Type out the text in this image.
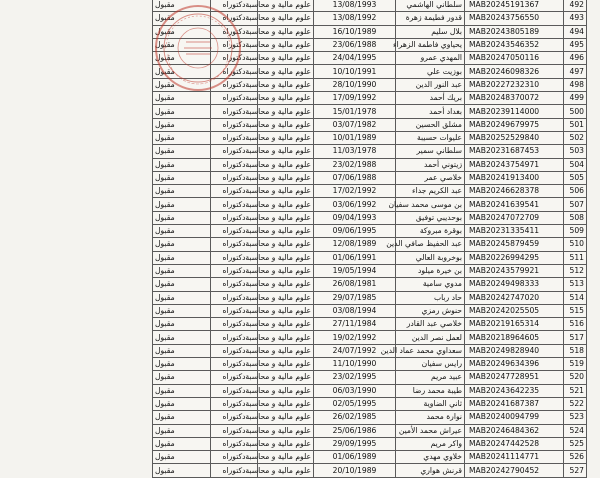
مقبول	دكتوراه	علوم مالية و محاسبة	13/08/1993	سلطاني الهاشمي	MAB20245191367	492
مقبول	دكتوراه	علوم مالية و محاسبة	13/08/1992	قدور فطيمة زهرة	MAB20243756550	493
مقبول	دكتوراه	علوم مالية و محاسبة	16/10/1989	بلال سليم	MAB20243805189	494
مقبول	دكتوراه	علوم مالية و محاسبة	23/06/1988	يحياوي فاطمة الزهراء	MAB20243546352	495
مقبول	دكتوراه	علوم مالية و محاسبة	24/04/1995	المهدي عمرو	MAB20247050116	496
مقبول	دكتوراه	علوم مالية و محاسبة	10/10/1991	بوزيت علي	MAB20246098326	497
مقبول	دكتوراه	علوم مالية و محاسبة	28/10/1990	عبد النور الدين	MAB20227232310	498
مقبول	دكتوراه	علوم مالية و محاسبة	17/09/1992	بريك أحمد	MAB20248370072	499
مقبول	دكتوراه	علوم مالية و محاسبة	15/01/1978	بغداد أحمد	MAB20239114000	500
مقبول	دكتوراه	علوم مالية و محاسبة	03/07/1982	مشلق الحسين	MAB20249679975	501
مقبول	دكتوراه	علوم مالية و محاسبة	10/01/1989	عليوات حسيبة	MAB20252529840	502
مقبول	دكتوراه	علوم مالية و محاسبة	11/03/1978	سلطاني سمير	MAB20231687453	503
مقبول	دكتوراه	علوم مالية و محاسبة	23/02/1988	زيتوني أحمد	MAB20243754971	504
مقبول	دكتوراه	علوم مالية و محاسبة	07/06/1988	خلاصي عمر	MAB20241913400	505
مقبول	دكتوراه	علوم مالية و محاسبة	17/02/1992	عبد الكريم جداء	MAB20246628378	506
مقبول	دكتوراه	علوم مالية و محاسبة	03/06/1992	بن موسى محمد سفيان	MAB20241639541	507
مقبول	دكتوراه	علوم مالية و محاسبة	09/04/1993	بوحديبي توفيق	MAB20247072709	508
مقبول	دكتوراه	علوم مالية و محاسبة	09/06/1995	بوقرة مبروكة	MAB20231335411	509
مقبول	دكتوراه	علوم مالية و محاسبة	12/08/1989	عبد الحفيظ صافي الدين	MAB20245879459	510
مقبول	دكتوراه	علوم مالية و محاسبة	01/06/1991	بوخروبة العالي	MAB20226994295	511
مقبول	دكتوراه	علوم مالية و محاسبة	19/05/1994	بن خيرة ميلود	MAB20243579921	512
مقبول	دكتوراه	علوم مالية و محاسبة	26/08/1981	مدوي سامية	MAB20249498333	513
مقبول	دكتوراه	علوم مالية و محاسبة	29/07/1985	حاد رباب	MAB20242747020	514
مقبول	دكتوراه	علوم مالية و محاسبة	03/08/1994	حنوش رمزي	MAB20242025505	515
مقبول	دكتوراه	علوم مالية و محاسبة	27/11/1984	خلاصي عبد القادر	MAB20219165314	516
مقبول	دكتوراه	علوم مالية و محاسبة	19/02/1992	لعمل نصر الدين	MAB20218964605	517
مقبول	دكتوراه	علوم مالية و محاسبة	24/07/1992	سعداوي محمد عماد الدين	MAB20249828940	518
مقبول	دكتوراه	علوم مالية و محاسبة	11/10/1990	رايس سفيان	MAB20249634396	519
مقبول	دكتوراه	علوم مالية و محاسبة	23/02/1995	عبيد مريم	MAB20247728951	520
مقبول	دكتوراه	علوم مالية و محاسبة	06/03/1990	طيبة محمد رضا	MAB20243642235	521
مقبول	دكتوراه	علوم مالية و محاسبة	02/05/1995	ثاني الضاوية	MAB20241687387	522
مقبول	دكتوراه	علوم مالية و محاسبة	26/02/1985	نوارة محمد	MAB20240094799	523
مقبول	دكتوراه	علوم مالية و محاسبة	25/06/1986	عيراش محمد الأمين	MAB20246484362	524
مقبول	دكتوراه	علوم مالية و محاسبة	29/09/1995	واكر مريم	MAB20247442528	525
مقبول	دكتوراه	علوم مالية و محاسبة	01/06/1989	خلاوي مهدي	MAB20241114771	526
مقبول	دكتوراه	علوم مالية و محاسبة	20/10/1989	قرنش هواري	MAB20242790452	527
